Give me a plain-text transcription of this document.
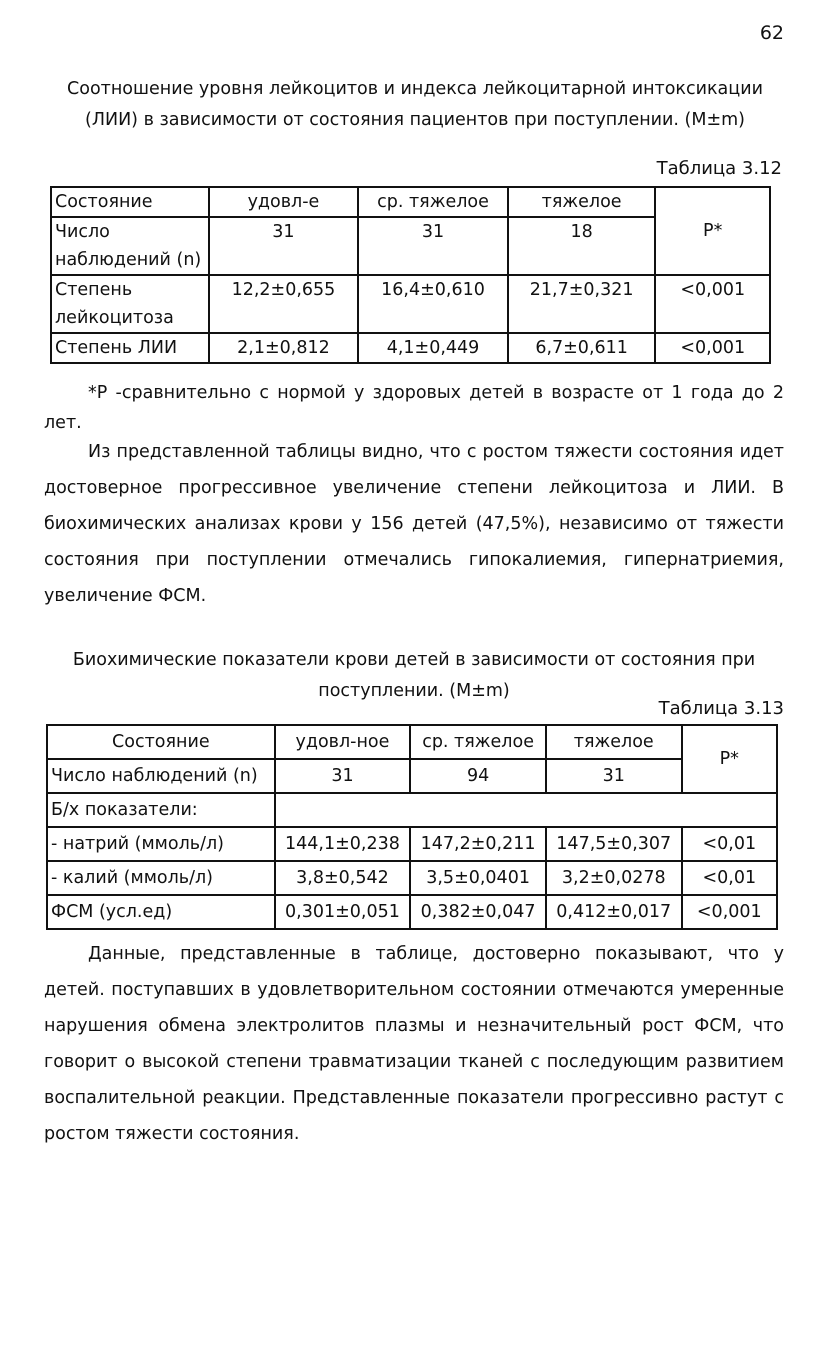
62
Соотношение уровня лейкоцитов и индекса лейкоцитарной интоксикации (ЛИИ) в зависимости от состояния пациентов при поступлении. (M±m)
Таблица 3.12
Состояние	удовл-е	ср. тяжелое	тяжелое	P*
Число наблюдений (n)	31	31	18	
Степень лейкоцитоза	12,2±0,655	16,4±0,610	21,7±0,321	<0,001
Степень ЛИИ	2,1±0,812	4,1±0,449	6,7±0,611	<0,001
*P -сравнительно с нормой у здоровых детей в возрасте от 1 года до 2 лет.
Из представленной таблицы видно, что с ростом тяжести состояния идет достоверное прогрессивное увеличение степени лейкоцитоза и ЛИИ. В биохимических анализах крови у 156 детей (47,5%), независимо от тяжести состояния при поступлении отмечались гипокалиемия, гипернатриемия, увеличение ФСМ.
Биохимические показатели крови детей в зависимости от состояния при поступлении. (M±m)
Таблица 3.13
Состояние	удовл-ное	ср. тяжелое	тяжелое	P*
Число наблюдений (n)	31	94	31	
Б/х показатели:				
- натрий (ммоль/л)	144,1±0,238	147,2±0,211	147,5±0,307	<0,01
- калий (ммоль/л)	3,8±0,542	3,5±0,0401	3,2±0,0278	<0,01
ФСМ (усл.ед)	0,301±0,051	0,382±0,047	0,412±0,017	<0,001
Данные, представленные в таблице, достоверно показывают, что у детей. поступавших в удовлетворительном состоянии отмечаются умеренные нарушения обмена электролитов плазмы и незначительный рост ФСМ, что говорит о высокой степени травматизации тканей с последующим развитием воспалительной реакции. Представленные показатели прогрессивно растут с ростом тяжести состояния.
